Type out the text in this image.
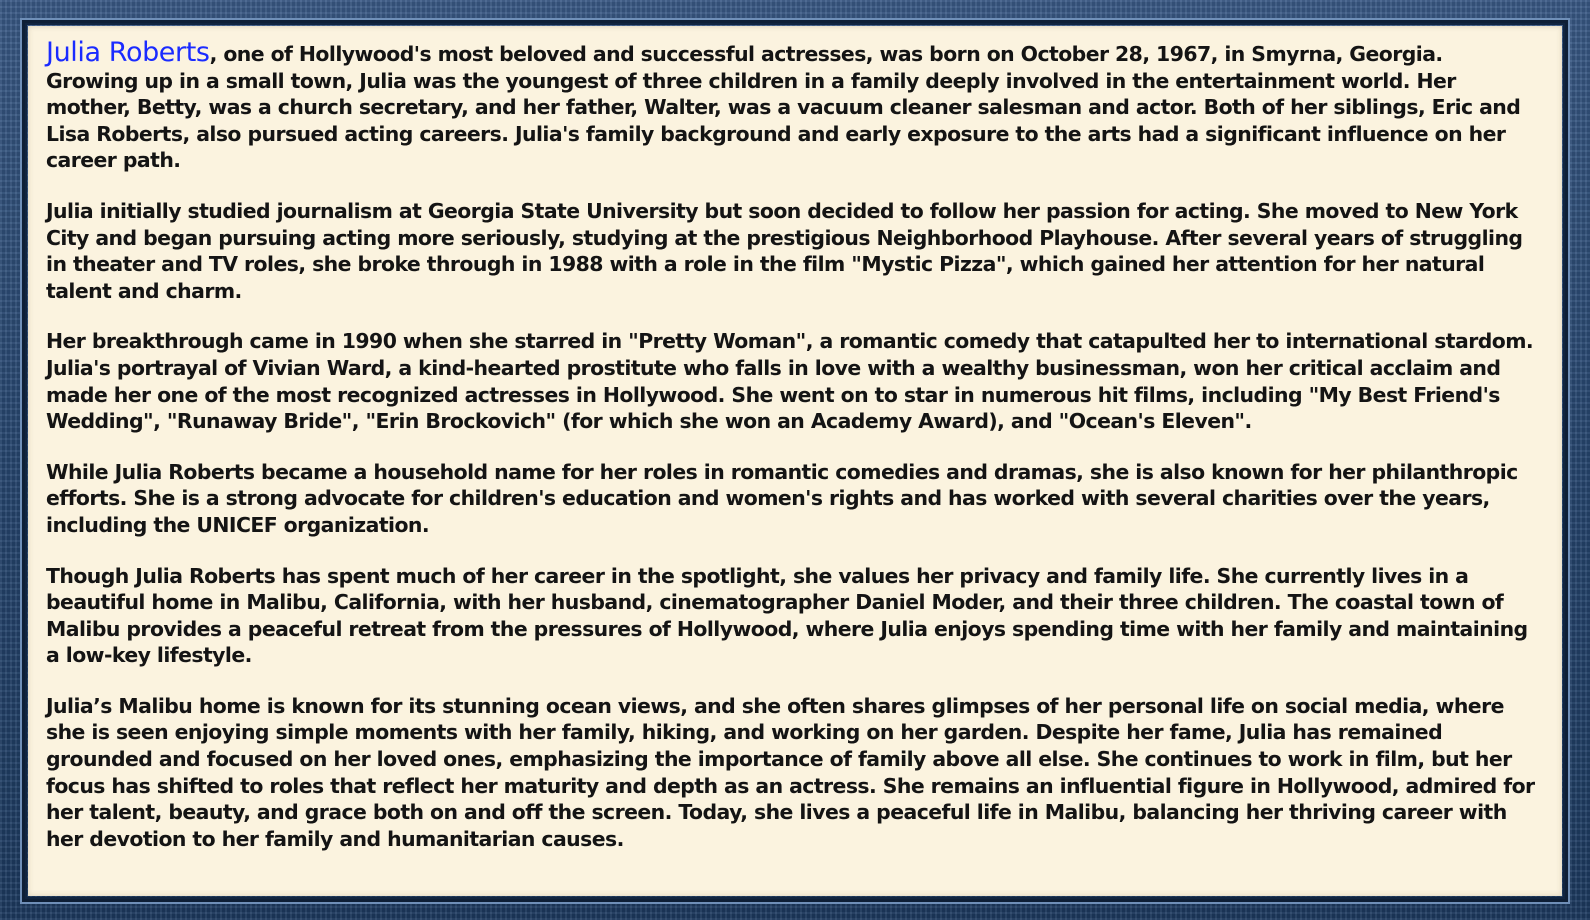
Julia Roberts, one of Hollywood's most beloved and successful actresses, was born on October 28, 1967, in Smyrna, Georgia. Growing up in a small town, Julia was the youngest of three children in a family deeply involved in the entertainment world. Her mother, Betty, was a church secretary, and her father, Walter, was a vacuum cleaner salesman and actor. Both of her siblings, Eric and Lisa Roberts, also pursued acting careers. Julia's family background and early exposure to the arts had a significant influence on her career path.

Julia initially studied journalism at Georgia State University but soon decided to follow her passion for acting. She moved to New York City and began pursuing acting more seriously, studying at the prestigious Neighborhood Playhouse. After several years of struggling in theater and TV roles, she broke through in 1988 with a role in the film "Mystic Pizza", which gained her attention for her natural talent and charm.

Her breakthrough came in 1990 when she starred in "Pretty Woman", a romantic comedy that catapulted her to international stardom. Julia's portrayal of Vivian Ward, a kind-hearted prostitute who falls in love with a wealthy businessman, won her critical acclaim and made her one of the most recognized actresses in Hollywood. She went on to star in numerous hit films, including "My Best Friend's Wedding", "Runaway Bride", "Erin Brockovich" (for which she won an Academy Award), and "Ocean's Eleven".

While Julia Roberts became a household name for her roles in romantic comedies and dramas, she is also known for her philanthropic efforts. She is a strong advocate for children's education and women's rights and has worked with several charities over the years, including the UNICEF organization.

Though Julia Roberts has spent much of her career in the spotlight, she values her privacy and family life. She currently lives in a beautiful home in Malibu, California, with her husband, cinematographer Daniel Moder, and their three children. The coastal town of Malibu provides a peaceful retreat from the pressures of Hollywood, where Julia enjoys spending time with her family and maintaining a low-key lifestyle.

Julia’s Malibu home is known for its stunning ocean views, and she often shares glimpses of her personal life on social media, where she is seen enjoying simple moments with her family, hiking, and working on her garden. Despite her fame, Julia has remained grounded and focused on her loved ones, emphasizing the importance of family above all else. She continues to work in film, but her focus has shifted to roles that reflect her maturity and depth as an actress. She remains an influential figure in Hollywood, admired for her talent, beauty, and grace both on and off the screen. Today, she lives a peaceful life in Malibu, balancing her thriving career with her devotion to her family and humanitarian causes.
